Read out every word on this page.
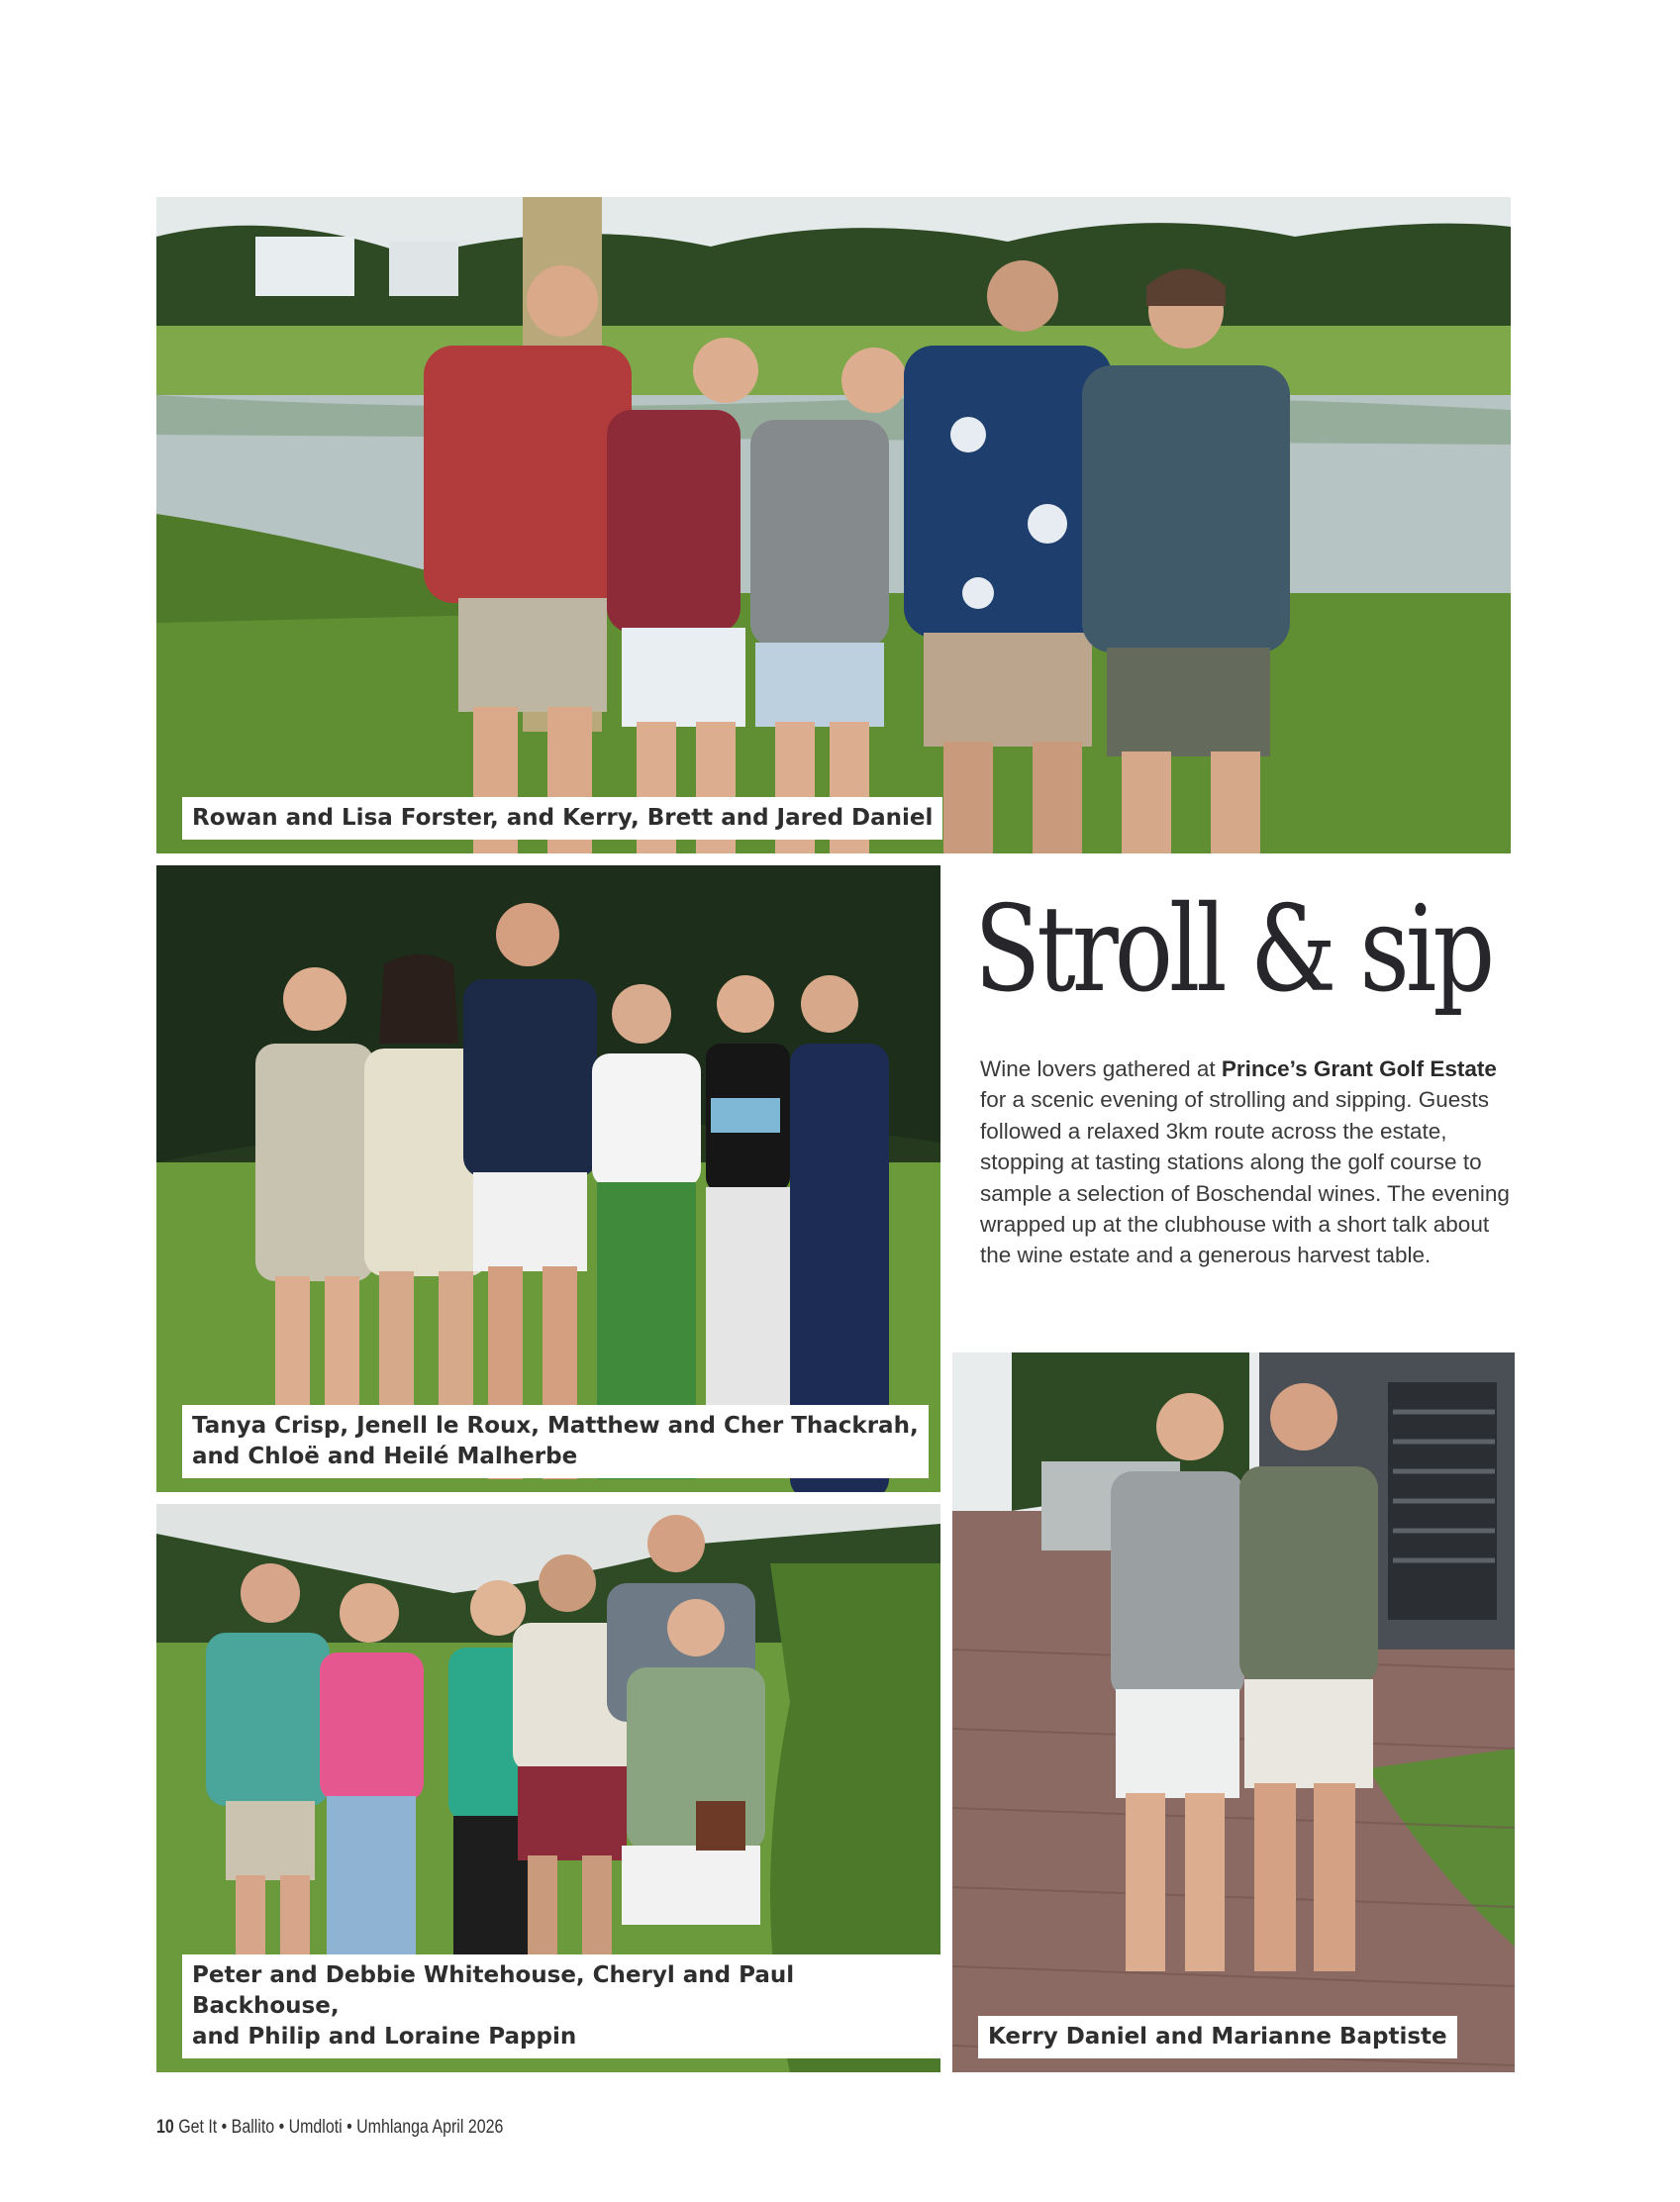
Rowan and Lisa Forster, and Kerry, Brett and Jared Daniel
Tanya Crisp, Jenell le Roux, Matthew and Cher Thackrah,
and Chloë and Heilé Malherbe
Peter and Debbie Whitehouse, Cheryl and Paul Backhouse,
and Philip and Loraine Pappin	Kerry Daniel and Marianne Baptiste
Stroll & sip

Wine lovers gathered at Prince’s Grant Golf Estate for a scenic evening of strolling and sipping. Guests followed a relaxed 3km route across the estate, stopping at tasting stations along the golf course to sample a selection of Boschendal wines. The evening wrapped up at the clubhouse with a short talk about the wine estate and a generous harvest table.

10 Get It • Ballito • Umdloti • Umhlanga April 2026
